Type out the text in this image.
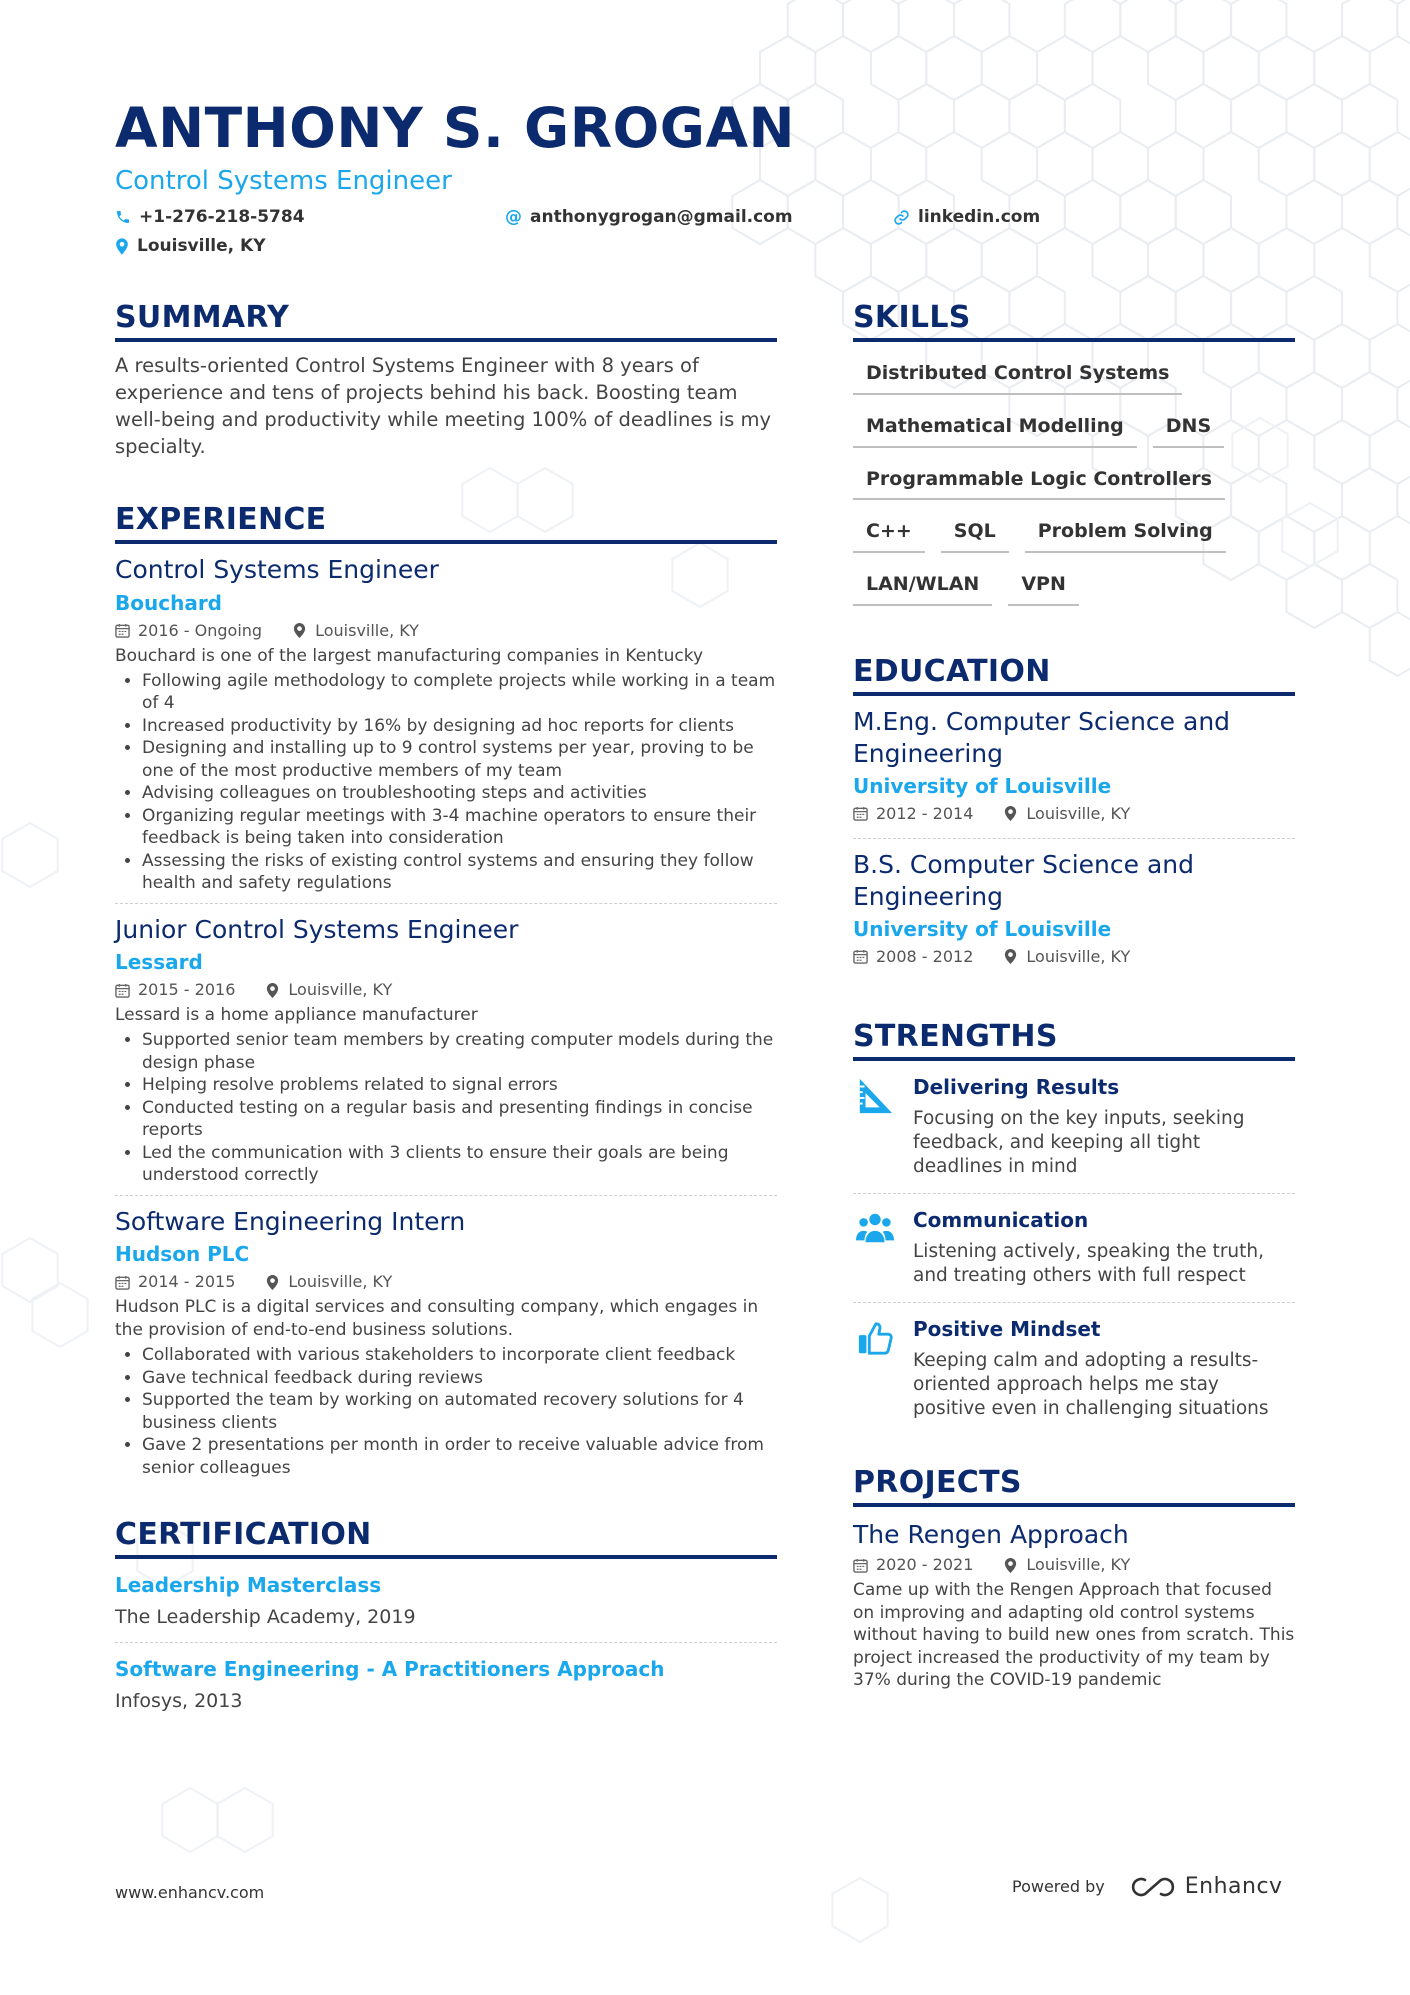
ANTHONY S. GROGAN
Control Systems Engineer
+1-276-218-5784	@ anthonygrogan@gmail.com	linkedin.com
Louisville, KY
SUMMARY
A results-oriented Control Systems Engineer with 8 years of experience and tens of projects behind his back. Boosting team well-being and productivity while meeting 100% of deadlines is my specialty.
EXPERIENCE
Control Systems Engineer
Bouchard
2016 - Ongoing	Louisville, KY
Bouchard is one of the largest manufacturing companies in Kentucky
• Following agile methodology to complete projects while working in a team of 4
• Increased productivity by 16% by designing ad hoc reports for clients
• Designing and installing up to 9 control systems per year, proving to be one of the most productive members of my team
• Advising colleagues on troubleshooting steps and activities
• Organizing regular meetings with 3-4 machine operators to ensure their feedback is being taken into consideration
• Assessing the risks of existing control systems and ensuring they follow health and safety regulations
Junior Control Systems Engineer
Lessard
2015 - 2016	Louisville, KY
Lessard is a home appliance manufacturer
• Supported senior team members by creating computer models during the design phase
• Helping resolve problems related to signal errors
• Conducted testing on a regular basis and presenting findings in concise reports
• Led the communication with 3 clients to ensure their goals are being understood correctly
Software Engineering Intern
Hudson PLC
2014 - 2015	Louisville, KY
Hudson PLC is a digital services and consulting company, which engages in the provision of end-to-end business solutions.
• Collaborated with various stakeholders to incorporate client feedback
• Gave technical feedback during reviews
• Supported the team by working on automated recovery solutions for 4 business clients
• Gave 2 presentations per month in order to receive valuable advice from senior colleagues
CERTIFICATION
Leadership Masterclass
The Leadership Academy, 2019
Software Engineering - A Practitioners Approach
Infosys, 2013
SKILLS
Distributed Control Systems
Mathematical Modelling	DNS
Programmable Logic Controllers
C++	SQL	Problem Solving
LAN/WLAN	VPN
EDUCATION
M.Eng. Computer Science and Engineering
University of Louisville
2012 - 2014	Louisville, KY
B.S. Computer Science and Engineering
University of Louisville
2008 - 2012	Louisville, KY
STRENGTHS
Delivering Results
Focusing on the key inputs, seeking feedback, and keeping all tight deadlines in mind
Communication
Listening actively, speaking the truth, and treating others with full respect
Positive Mindset
Keeping calm and adopting a results-oriented approach helps me stay positive even in challenging situations
PROJECTS
The Rengen Approach
2020 - 2021	Louisville, KY
Came up with the Rengen Approach that focused on improving and adapting old control systems without having to build new ones from scratch. This project increased the productivity of my team by 37% during the COVID-19 pandemic
www.enhancv.com	Powered by	Enhancv
